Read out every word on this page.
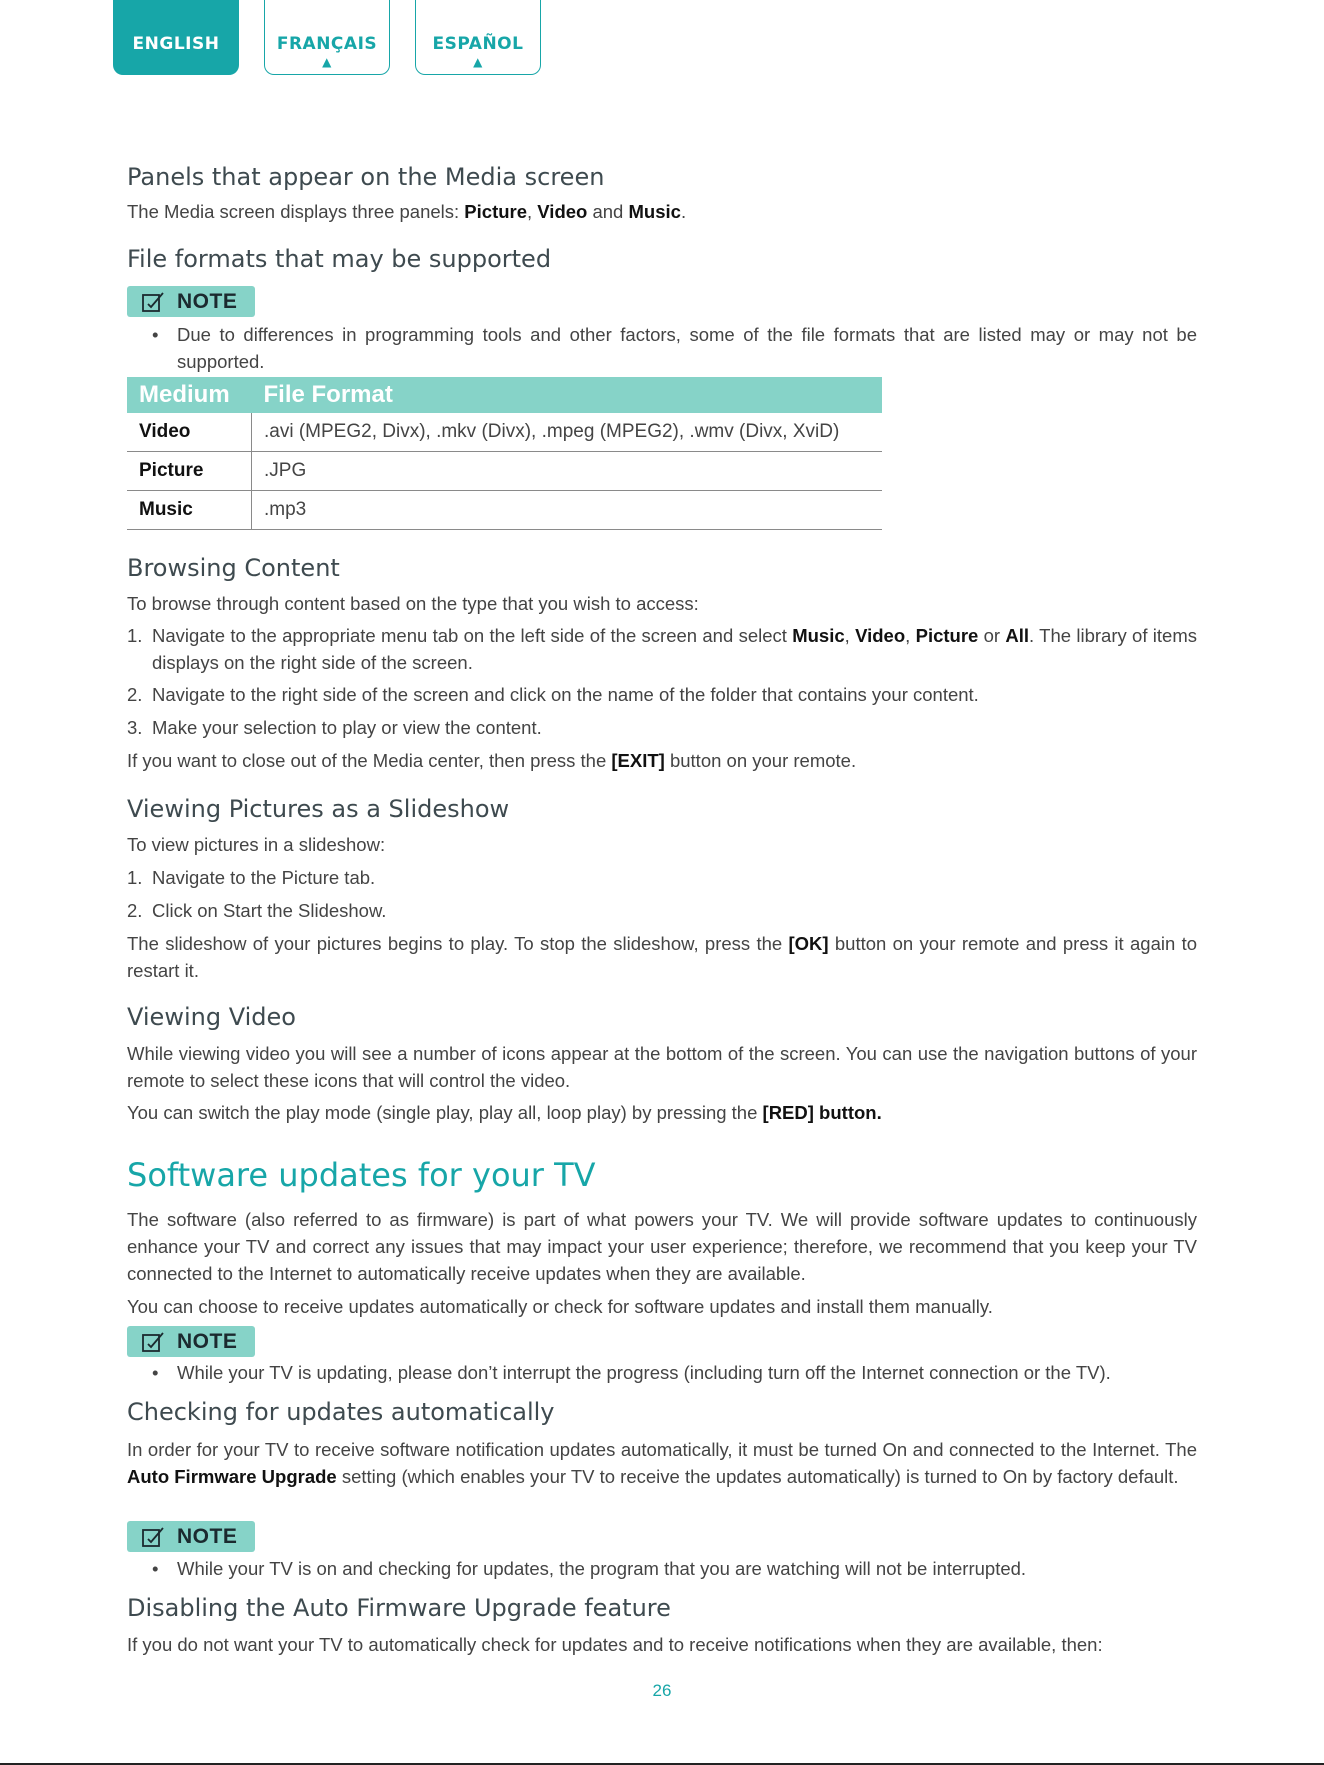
ENGLISH	FRANÇAIS
▲
ESPAÑOL
▲
Panels that appear on the Media screen

The Media screen displays three panels: Picture, Video and Music.

File formats that may be supported
NOTE
• Due to differences in programming tools and other factors, some of the file formats that are listed may or may not be supported.
Medium	File Format
Video	.avi (MPEG2, Divx), .mkv (Divx), .mpeg (MPEG2), .wmv (Divx, XviD)
Picture	.JPG
Music	.mp3
Browsing Content

To browse through content based on the type that you wish to access:

1. Navigate to the appropriate menu tab on the left side of the screen and select Music, Video, Picture or All. The library of items displays on the right side of the screen.
2. Navigate to the right side of the screen and click on the name of the folder that contains your content.
3. Make your selection to play or view the content.

If you want to close out of the Media center, then press the [EXIT] button on your remote.

Viewing Pictures as a Slideshow

To view pictures in a slideshow:

1. Navigate to the Picture tab.
2. Click on Start the Slideshow.

The slideshow of your pictures begins to play. To stop the slideshow, press the [OK] button on your remote and press it again to restart it.

Viewing Video

While viewing video you will see a number of icons appear at the bottom of the screen. You can use the navigation buttons of your remote to select these icons that will control the video.

You can switch the play mode (single play, play all, loop play) by pressing the [RED] button.

Software updates for your TV

The software (also referred to as firmware) is part of what powers your TV. We will provide software updates to continuously enhance your TV and correct any issues that may impact your user experience; therefore, we recommend that you keep your TV connected to the Internet to automatically receive updates when they are available.

You can choose to receive updates automatically or check for software updates and install them manually.

NOTE
• While your TV is updating, please don’t interrupt the progress (including turn off the Internet connection or the TV).
Checking for updates automatically

In order for your TV to receive software notification updates automatically, it must be turned On and connected to the Internet. The Auto Firmware Upgrade setting (which enables your TV to receive the updates automatically) is turned to On by factory default.

NOTE
• While your TV is on and checking for updates, the program that you are watching will not be interrupted.
Disabling the Auto Firmware Upgrade feature

If you do not want your TV to automatically check for updates and to receive notifications when they are available, then:

26
